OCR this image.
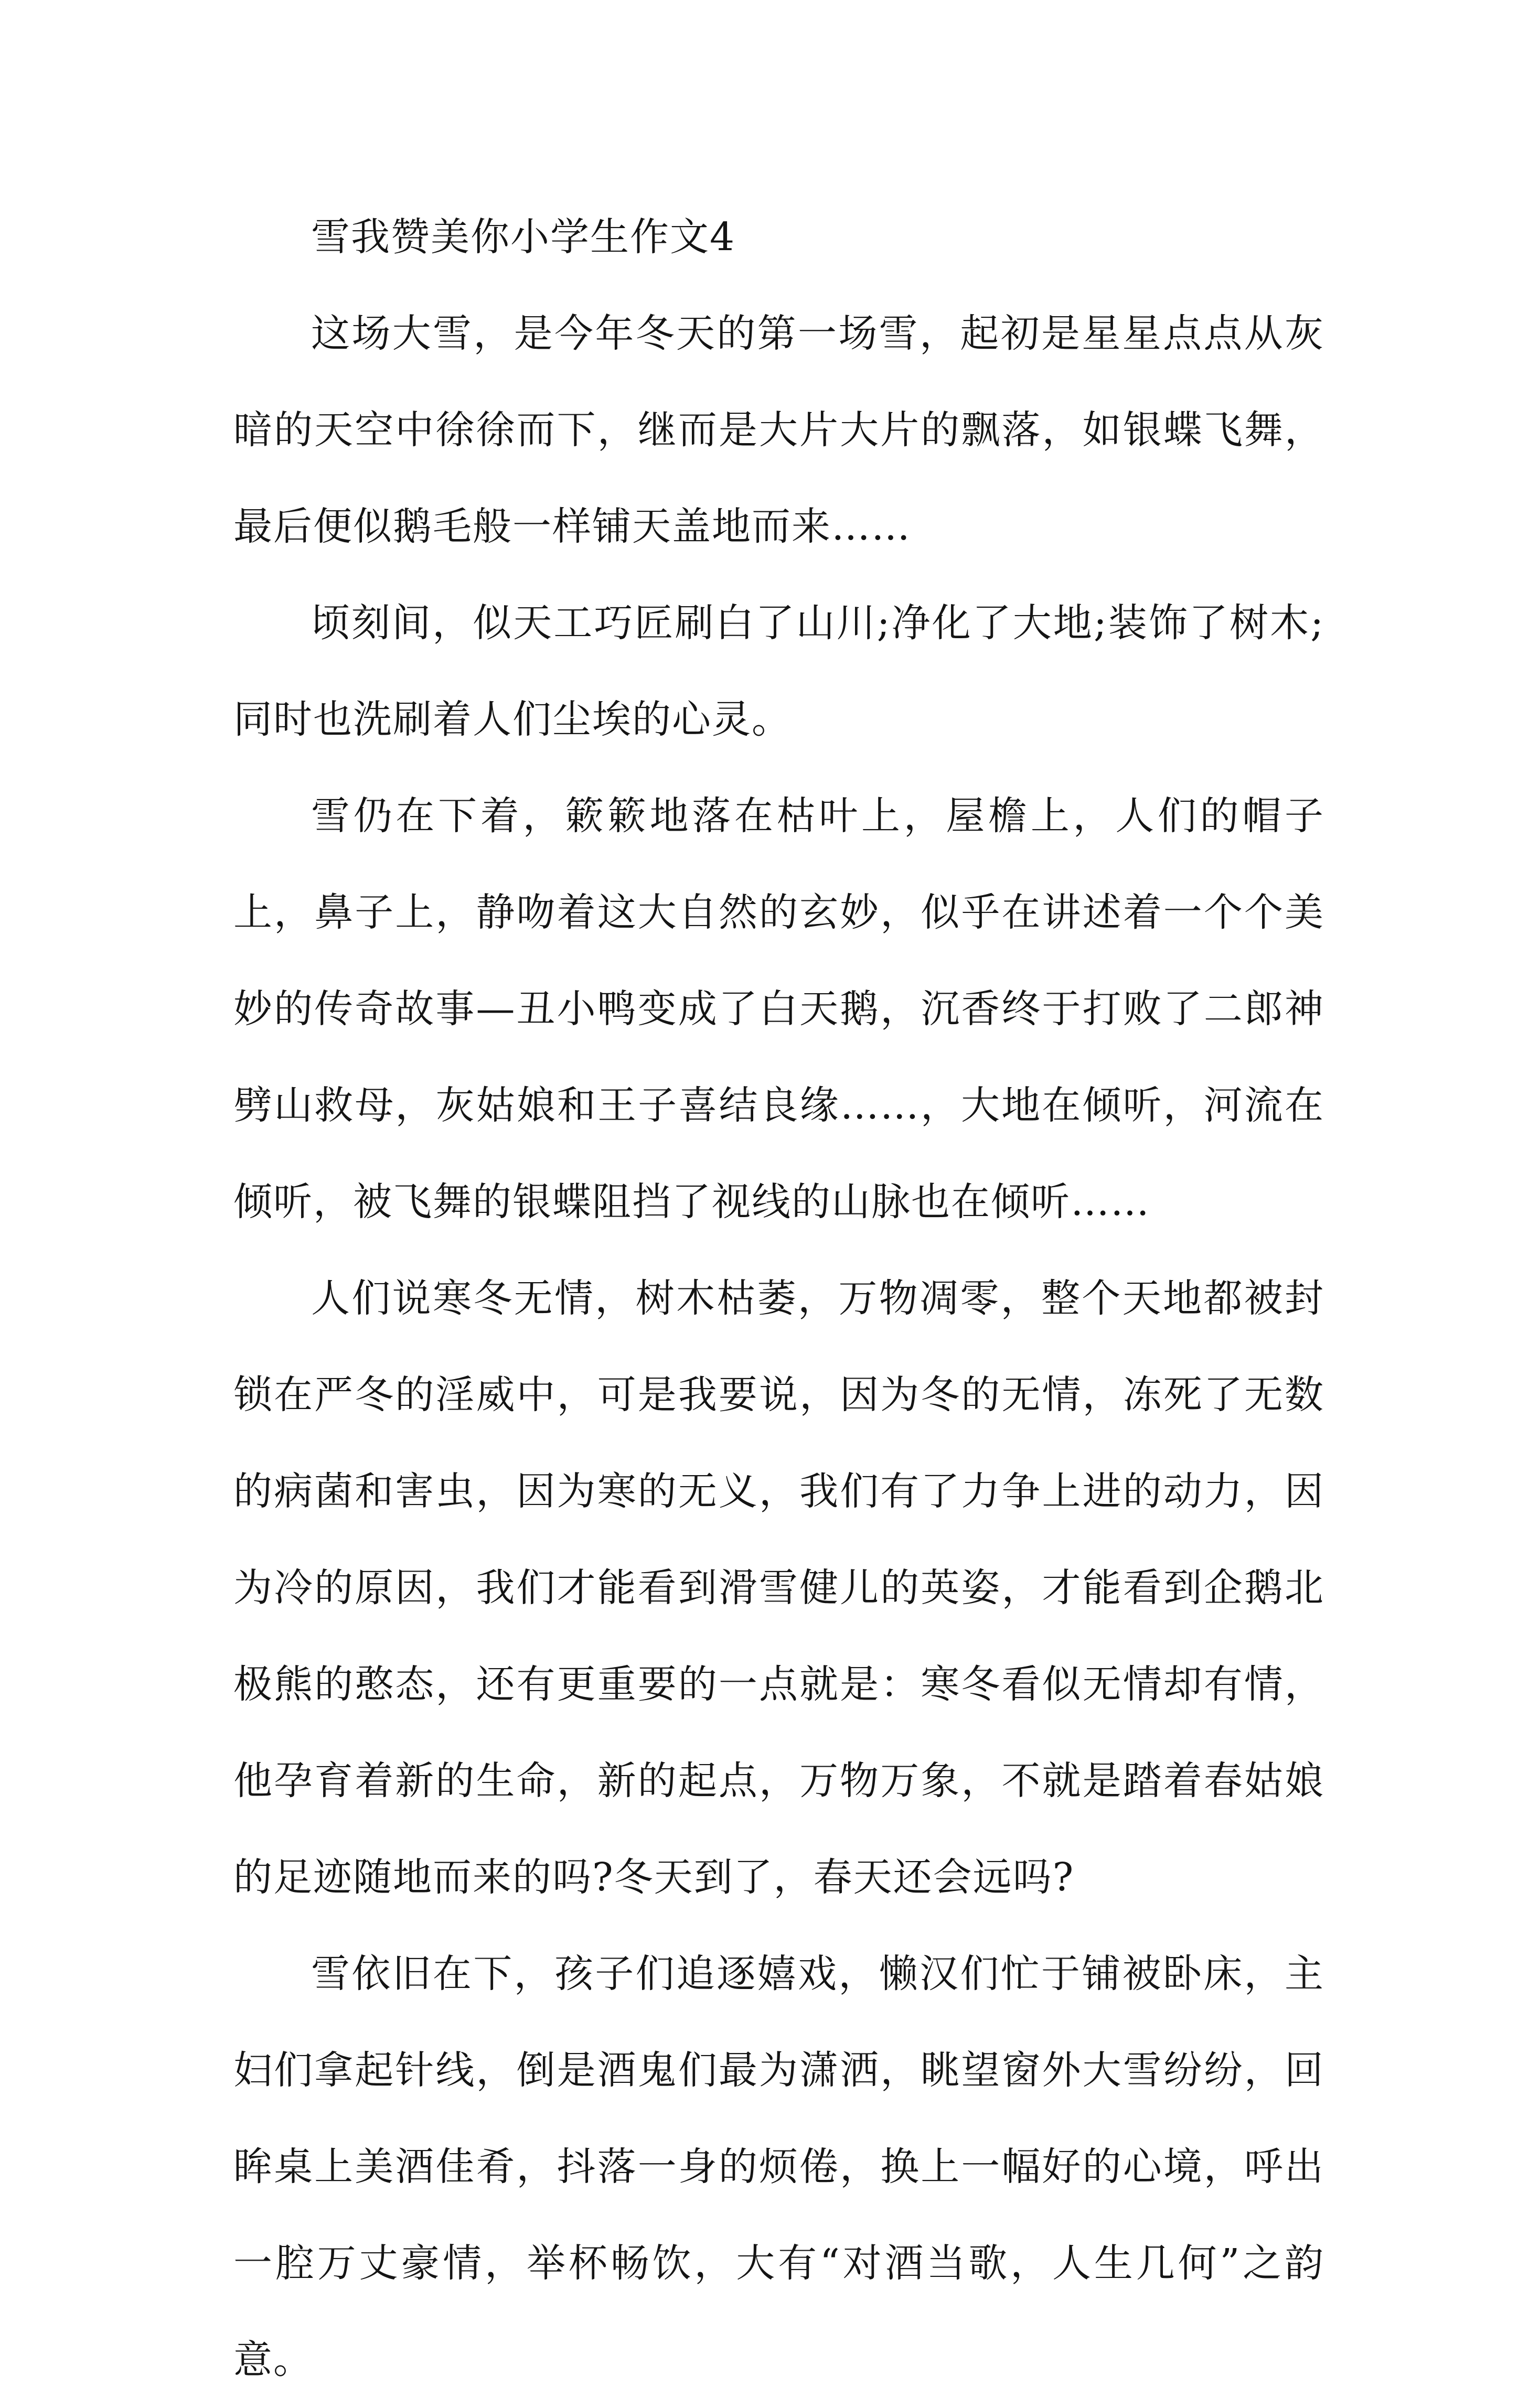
雪我赞美你小学生作文4

这场大雪，是今年冬天的第一场雪，起初是星星点点从灰暗的天空中徐徐而下，继而是大片大片的飘落，如银蝶飞舞，最后便似鹅毛般一样铺天盖地而来……

顷刻间，似天工巧匠刷白了山川;净化了大地;装饰了树木;同时也洗刷着人们尘埃的心灵。

雪仍在下着，簌簌地落在枯叶上，屋檐上，人们的帽子上，鼻子上，静吻着这大自然的玄妙，似乎在讲述着一个个美妙的传奇故事—丑小鸭变成了白天鹅，沉香终于打败了二郎神劈山救母，灰姑娘和王子喜结良缘……，大地在倾听，河流在倾听，被飞舞的银蝶阻挡了视线的山脉也在倾听……

人们说寒冬无情，树木枯萎，万物凋零，整个天地都被封锁在严冬的淫威中，可是我要说，因为冬的无情，冻死了无数的病菌和害虫，因为寒的无义，我们有了力争上进的动力，因为冷的原因，我们才能看到滑雪健儿的英姿，才能看到企鹅北极熊的憨态，还有更重要的一点就是：寒冬看似无情却有情，他孕育着新的生命，新的起点，万物万象，不就是踏着春姑娘的足迹随地而来的吗?冬天到了，春天还会远吗?

雪依旧在下，孩子们追逐嬉戏，懒汉们忙于铺被卧床，主妇们拿起针线，倒是酒鬼们最为潇洒，眺望窗外大雪纷纷，回眸桌上美酒佳肴，抖落一身的烦倦，换上一幅好的心境，呼出一腔万丈豪情，举杯畅饮，大有“对酒当歌，人生几何”之韵意。
